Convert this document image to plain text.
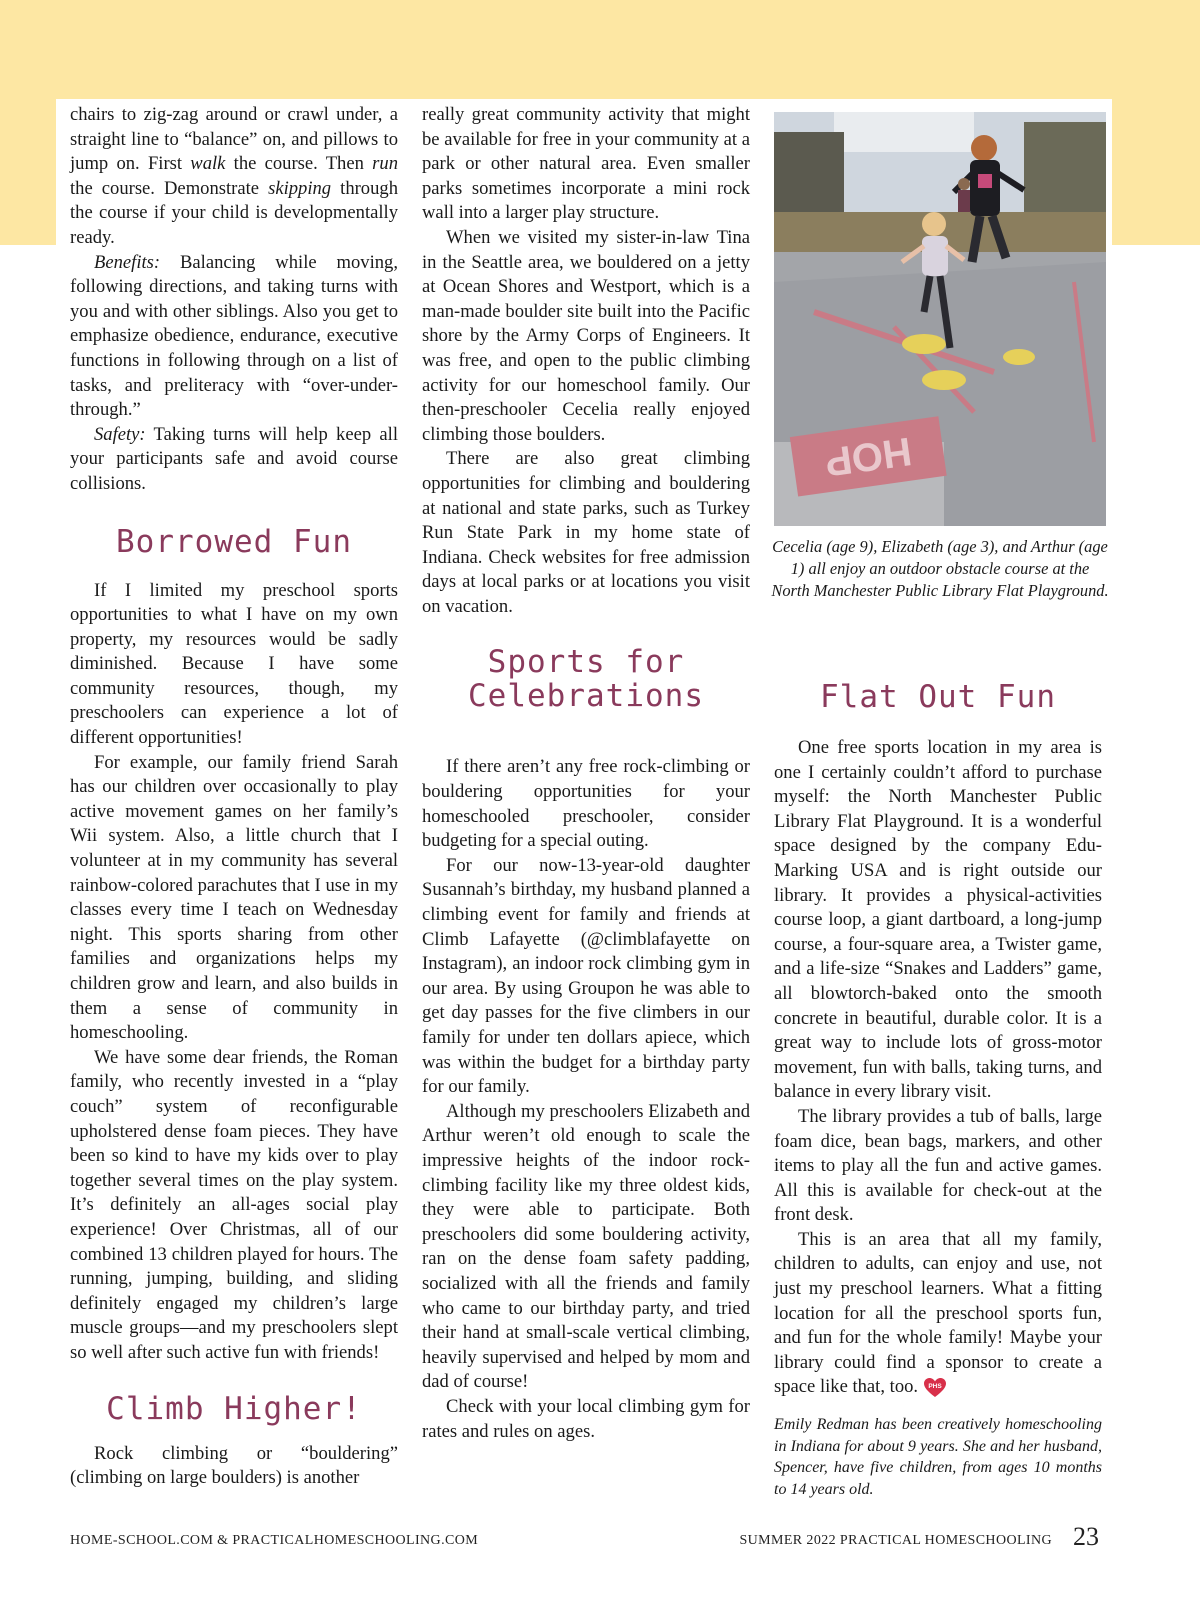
chairs to zig-zag around or crawl under, a straight line to “balance” on, and pillows to jump on. First walk the course. Then run the course. Demonstrate skipping through the course if your child is developmentally ready.

Benefits: Balancing while moving, following directions, and taking turns with you and with other siblings. Also you get to emphasize obedience, endurance, executive functions in following through on a list of tasks, and preliteracy with “over-under-through.”

Safety: Taking turns will help keep all your participants safe and avoid course collisions.

Borrowed Fun

If I limited my preschool sports opportunities to what I have on my own property, my resources would be sadly diminished. Because I have some community resources, though, my preschoolers can experience a lot of different opportunities!

For example, our family friend Sarah has our children over occasionally to play active movement games on her family’s Wii system. Also, a little church that I volunteer at in my community has several rainbow-colored parachutes that I use in my classes every time I teach on Wednesday night. This sports sharing from other families and organizations helps my children grow and learn, and also builds in them a sense of community in homeschooling.

We have some dear friends, the Roman family, who recently invested in a “play couch” system of reconfigurable upholstered dense foam pieces. They have been so kind to have my kids over to play together several times on the play system. It’s definitely an all-ages social play experience! Over Christmas, all of our combined 13 children played for hours. The running, jumping, building, and sliding definitely engaged my children’s large muscle groups—and my preschoolers slept so well after such active fun with friends!

Climb Higher!

Rock climbing or “bouldering” (climbing on large boulders) is another

really great community activity that might be available for free in your community at a park or other natural area. Even smaller parks sometimes incorporate a mini rock wall into a larger play structure.

When we visited my sister-in-law Tina in the Seattle area, we bouldered on a jetty at Ocean Shores and Westport, which is a man-made boulder site built into the Pacific shore by the Army Corps of Engineers. It was free, and open to the public climbing activity for our homeschool family. Our then-preschooler Cecelia really enjoyed climbing those boulders.

There are also great climbing opportunities for climbing and bouldering at national and state parks, such as Turkey Run State Park in my home state of Indiana. Check websites for free admission days at local parks or at locations you visit on vacation.

Sports for
Celebrations

If there aren’t any free rock-climbing or bouldering opportunities for your homeschooled preschooler, consider budgeting for a special outing.

For our now-13-year-old daughter Susannah’s birthday, my husband planned a climbing event for family and friends at Climb Lafayette (@climblafayette on Instagram), an indoor rock climbing gym in our area. By using Groupon he was able to get day passes for the five climbers in our family for under ten dollars apiece, which was within the budget for a birthday party for our family.

Although my preschoolers Elizabeth and Arthur weren’t old enough to scale the impressive heights of the indoor rock-climbing facility like my three oldest kids, they were able to participate. Both preschoolers did some bouldering activity, ran on the dense foam safety padding, socialized with all the friends and family who came to our birthday party, and tried their hand at small-scale vertical climbing, heavily supervised and helped by mom and dad of course!

Check with your local climbing gym for rates and rules on ages.

HOP
Cecelia (age 9), Elizabeth (age 3), and Arthur (age 1) all enjoy an outdoor obstacle course at the North Manchester Public Library Flat Playground.
Flat Out Fun

One free sports location in my area is one I certainly couldn’t afford to purchase myself: the North Manchester Public Library Flat Playground. It is a wonderful space designed by the company Edu-Marking USA and is right outside our library. It provides a physical-activities course loop, a giant dartboard, a long-jump course, a four-square area, a Twister game, and a life-size “Snakes and Ladders” game, all blowtorch-baked onto the smooth concrete in beautiful, durable color. It is a great way to include lots of gross-motor movement, fun with balls, taking turns, and balance in every library visit.

The library provides a tub of balls, large foam dice, bean bags, markers, and other items to play all the fun and active games. All this is available for check-out at the front desk.

This is an area that all my family, children to adults, can enjoy and use, not just my preschool learners. What a fitting location for all the preschool sports fun, and fun for the whole family! Maybe your library could find a sponsor to create a space like that, too. PHS

Emily Redman has been creatively homeschooling in Indiana for about 9 years. She and her husband, Spencer, have five children, from ages 10 months to 14 years old.

HOME-SCHOOL.COM & PRACTICALHOMESCHOOLING.COM	SUMMER 2022 PRACTICAL HOMESCHOOLING 23
